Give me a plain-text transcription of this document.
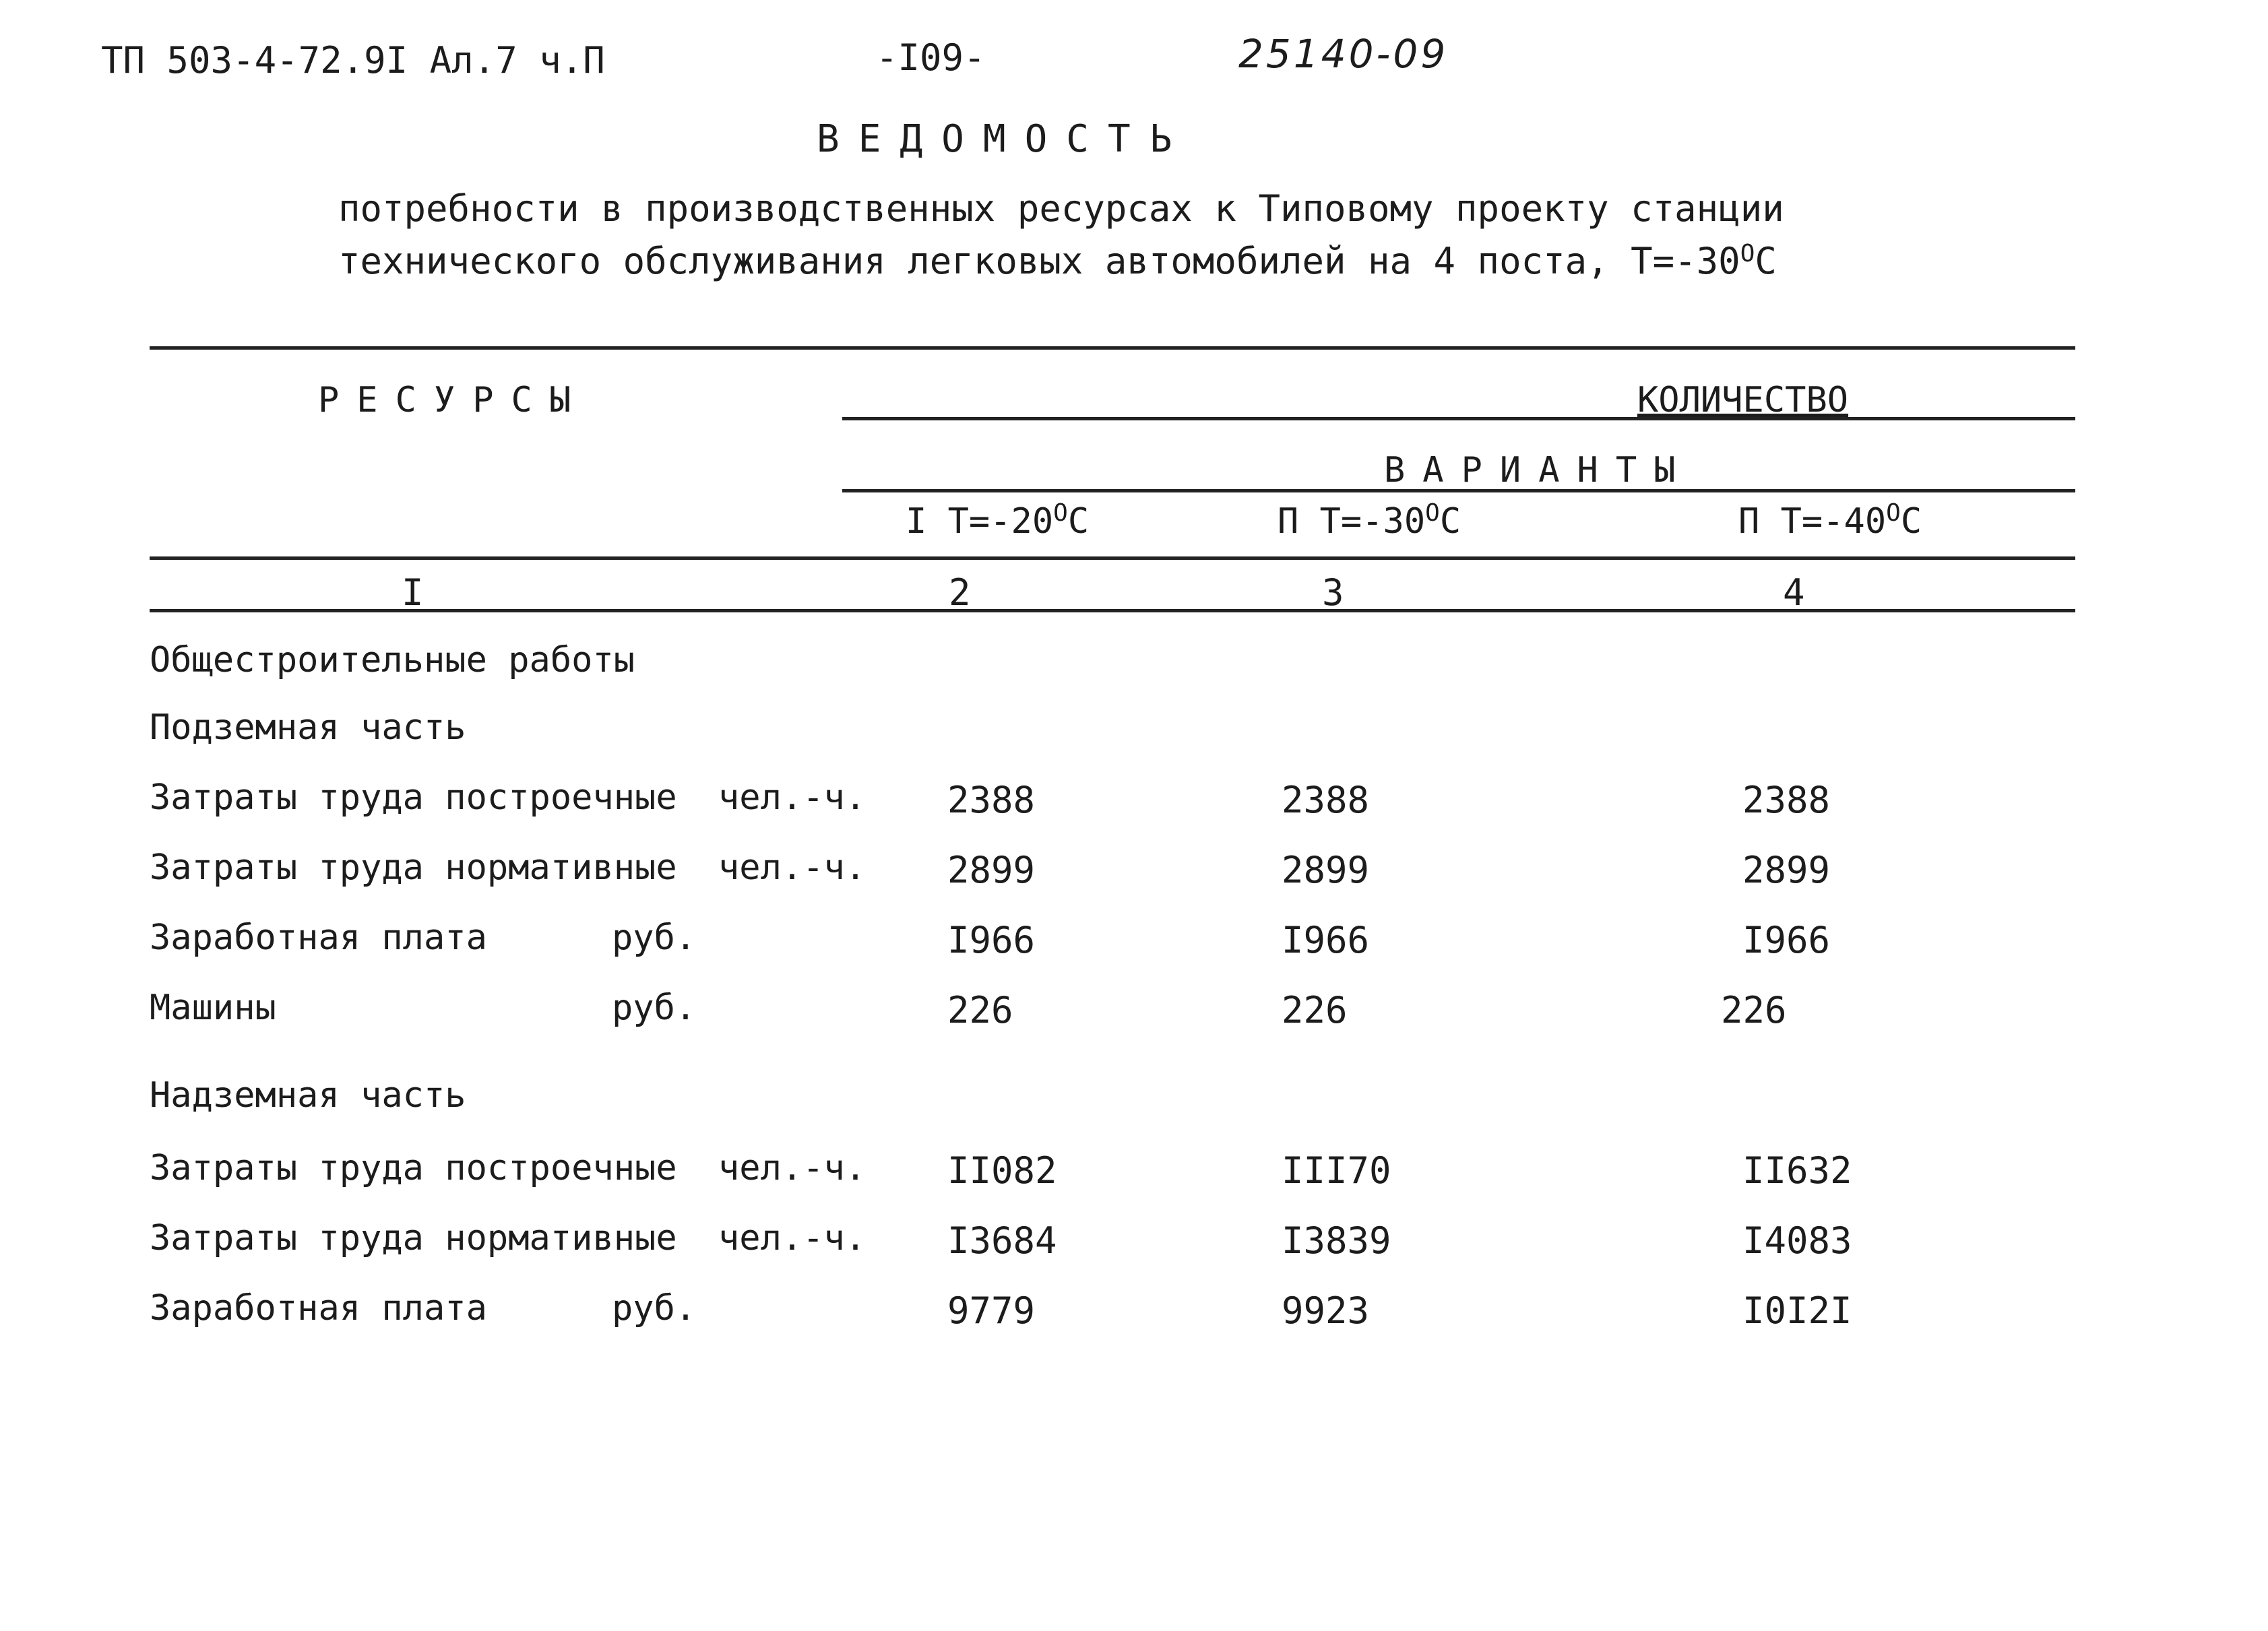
ТП 503-4-72.9I Ал.7 ч.П	-I09-	25140-09
ВЕДОМОСТЬ
потребности в производственных ресурсах к Типовому проекту станции
технического обслуживания легковых автомобилей на 4 поста, $Т=-30^ОС$
РЕСУРСЫ	КОЛИЧЕСТВО
ВАРИАНТЫ
I $Т=-20^ОС$	П $Т=-30^ОС$	П $Т=-40^ОС$
I	2	3	4
Общестроительные работы
Подземная часть
Затраты труда построечные чел.-ч. 2388	2388	2388
Затраты труда нормативные чел.-ч. 2899	2899	2899
Заработная плата	руб.	I966	I966	I966
Машины	руб.	226	226	226
Надземная часть
Затраты труда построечные чел.-ч. II082	III70	II632
Затраты труда нормативные чел.-ч. I3684	I3839	I4083
Заработная плата	руб.	9779	9923	I0I2I
